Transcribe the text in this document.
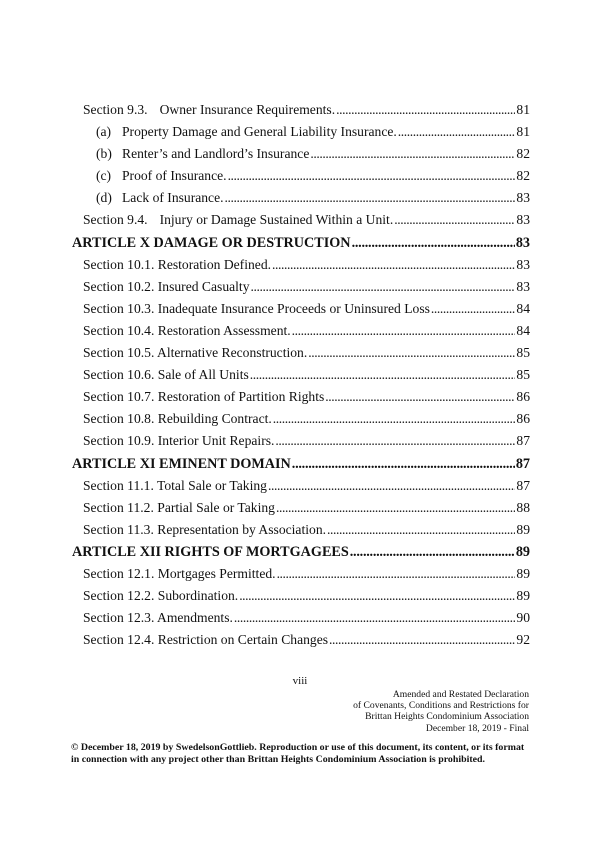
Section 9.3. Owner Insurance Requirements. . . .	81
(a) Property Damage and General Liability Insurance. . . .	81
(b) Renter’s and Landlord’s Insurance . . .	82
(c) Proof of Insurance. . . .	82
(d) Lack of Insurance. . . .	83
Section 9.4. Injury or Damage Sustained Within a Unit. . . .	83
ARTICLE X DAMAGE OR DESTRUCTION . . .	83
Section 10.1. Restoration Defined. . . .	83
Section 10.2. Insured Casualty . . .	83
Section 10.3. Inadequate Insurance Proceeds or Uninsured Loss . . .	84
Section 10.4. Restoration Assessment. . . .	84
Section 10.5. Alternative Reconstruction. . . .	85
Section 10.6. Sale of All Units . . .	85
Section 10.7. Restoration of Partition Rights . . .	86
Section 10.8. Rebuilding Contract. . . .	86
Section 10.9. Interior Unit Repairs. . . .	87
ARTICLE XI EMINENT DOMAIN . . .	87
Section 11.1. Total Sale or Taking . . .	87
Section 11.2. Partial Sale or Taking . . .	88
Section 11.3. Representation by Association. . . .	89
ARTICLE XII RIGHTS OF MORTGAGEES . . .	89
Section 12.1. Mortgages Permitted. . . .	89
Section 12.2. Subordination. . . .	89
Section 12.3. Amendments. . . .	90
Section 12.4. Restriction on Certain Changes . . .	92
viii
Amended and Restated Declaration
of Covenants, Conditions and Restrictions for
Brittan Heights Condominium Association
December 18, 2019 - Final
© December 18, 2019 by SwedelsonGottlieb. Reproduction or use of this document, its content, or its format in connection with any project other than Brittan Heights Condominium Association is prohibited.
